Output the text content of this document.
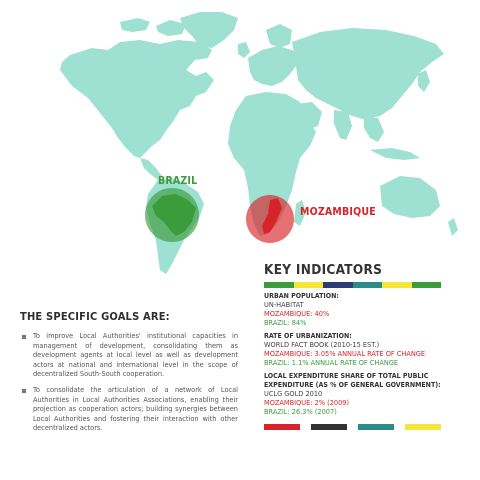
BRAZIL
MOZAMBIQUE
THE SPECIFIC GOALS ARE:
To improve Local Authorities' institutional capacities in management of development, consolidating them as development agents at local level as well as development actors at national and international level in the scope of decentralized South-South cooperation.
To consolidate the articulation of a network of Local Authorities in Local Authorities Associations, enabling their projection as cooperation actors; building synergies between Local Authorities and fostering their interaction with other decentralized actors.
KEY INDICATORS
URBAN POPULATION:
UN-HABITAT
MOZAMBIQUE: 40%
BRAZIL: 84%
RATE OF URBANIZATION:
WORLD FACT BOOK (2010-15 EST.)
MOZAMBIQUE: 3.05% ANNUAL RATE OF CHANGE
BRAZIL: 1.1% ANNUAL RATE OF CHANGE
LOCAL EXPENDITURE SHARE OF TOTAL PUBLIC EXPENDITURE (AS % OF GENERAL GOVERNMENT):
UCLG GOLD 2010
MOZAMBIQUE: 2% (2009)
BRAZIL: 26.3% (2007)
